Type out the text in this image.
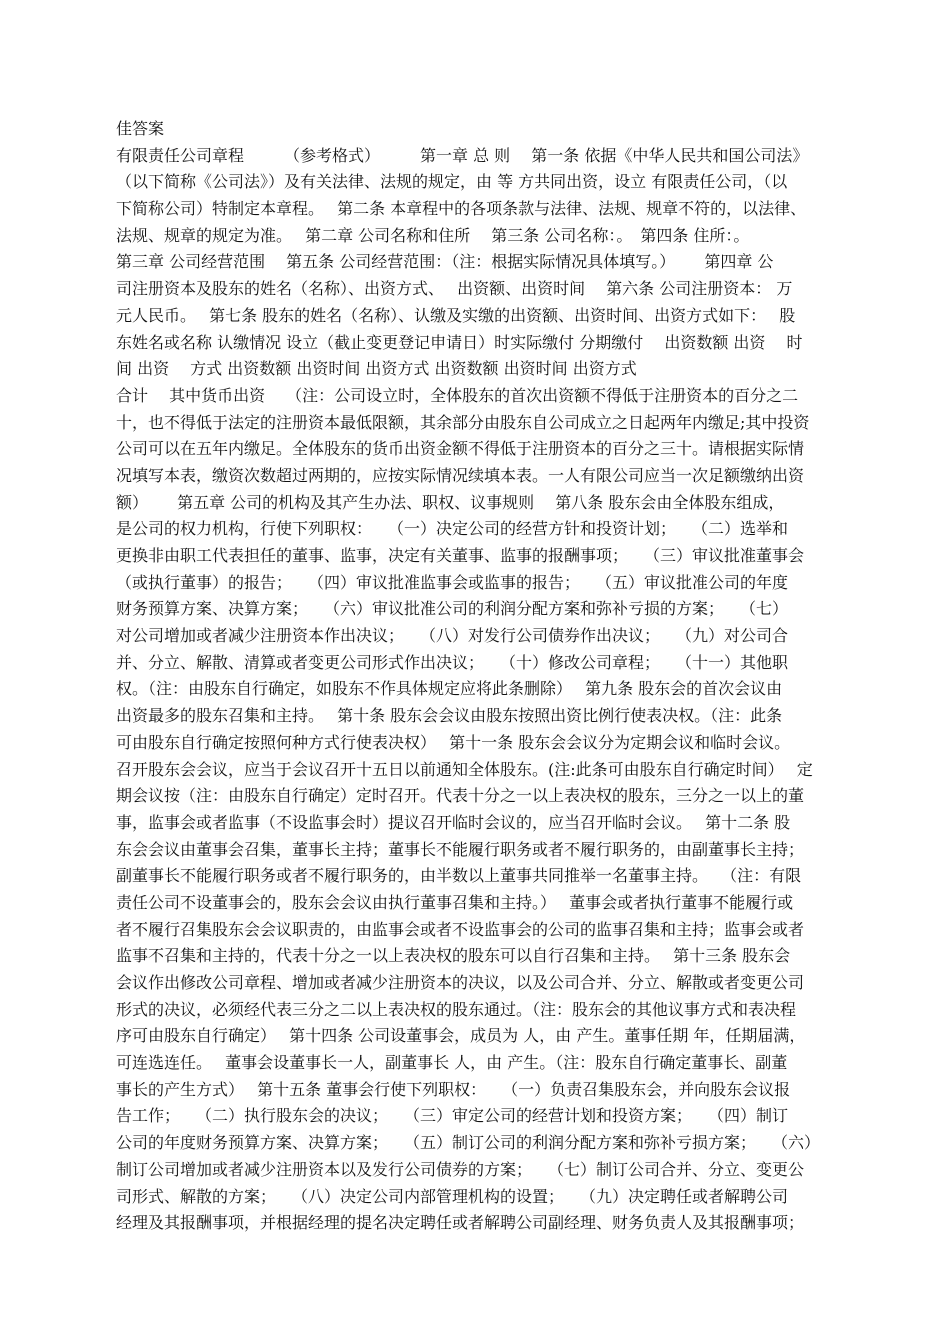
佳答案
有限责任公司章程　　　（参考格式）　　　第一章 总 则　 第一条 依据《中华人民共和国公司法》
（以下简称《公司法》）及有关法律、法规的规定，由 等 方共同出资，设立 有限责任公司，（以
下简称公司）特制定本章程。　 第二条 本章程中的各项条款与法律、法规、规章不符的，以法律、
法规、规章的规定为准。　 第二章 公司名称和住所　 第三条 公司名称：。　第四条 住所：。
第三章 公司经营范围　 第五条 公司经营范围：（注：根据实际情况具体填写。）　　 第四章 公
司注册资本及股东的姓名（名称）、出资方式、　 出资额、出资时间　 第六条 公司注册资本： 万
元人民币。　 第七条 股东的姓名（名称）、认缴及实缴的出资额、出资时间、出资方式如下：　 股
东姓名或名称 认缴情况 设立（截止变更登记申请日）时实际缴付 分期缴付　 出资数额 出资　 时
间 出资　 方式 出资数额 出资时间 出资方式 出资数额 出资时间 出资方式
合计　 其中货币出资　 （注：公司设立时，全体股东的首次出资额不得低于注册资本的百分之二
十，也不得低于法定的注册资本最低限额，其余部分由股东自公司成立之日起两年内缴足;其中投资
公司可以在五年内缴足。全体股东的货币出资金额不得低于注册资本的百分之三十。请根据实际情
况填写本表，缴资次数超过两期的，应按实际情况续填本表。一人有限公司应当一次足额缴纳出资
额）　　 第五章 公司的机构及其产生办法、职权、议事规则　 第八条 股东会由全体股东组成，
是公司的权力机构，行使下列职权：　　（一）决定公司的经营方针和投资计划；　　（二）选举和
更换非由职工代表担任的董事、监事，决定有关董事、监事的报酬事项；　　（三）审议批准董事会
（或执行董事）的报告；　　（四）审议批准监事会或监事的报告；　　（五）审议批准公司的年度
财务预算方案、决算方案；　　（六）审议批准公司的利润分配方案和弥补亏损的方案；　　（七）
对公司增加或者减少注册资本作出决议；　　（八）对发行公司债券作出决议；　　（九）对公司合
并、分立、解散、清算或者变更公司形式作出决议；　　（十）修改公司章程；　　（十一）其他职
权。（注：由股东自行确定，如股东不作具体规定应将此条删除）　 第九条 股东会的首次会议由
出资最多的股东召集和主持。　 第十条 股东会会议由股东按照出资比例行使表决权。（注：此条
可由股东自行确定按照何种方式行使表决权）　 第十一条 股东会会议分为定期会议和临时会议。
召开股东会会议，应当于会议召开十五日以前通知全体股东。(注:此条可由股东自行确定时间）　 定
期会议按（注：由股东自行确定）定时召开。代表十分之一以上表决权的股东，三分之一以上的董
事，监事会或者监事（不设监事会时）提议召开临时会议的，应当召开临时会议。　 第十二条 股
东会会议由董事会召集，董事长主持；董事长不能履行职务或者不履行职务的，由副董事长主持；
副董事长不能履行职务或者不履行职务的，由半数以上董事共同推举一名董事主持。　 （注：有限
责任公司不设董事会的，股东会会议由执行董事召集和主持。）　 董事会或者执行董事不能履行或
者不履行召集股东会会议职责的，由监事会或者不设监事会的公司的监事召集和主持；监事会或者
监事不召集和主持的，代表十分之一以上表决权的股东可以自行召集和主持。　 第十三条 股东会
会议作出修改公司章程、增加或者减少注册资本的决议，以及公司合并、分立、解散或者变更公司
形式的决议，必须经代表三分之二以上表决权的股东通过。（注：股东会的其他议事方式和表决程
序可由股东自行确定）　 第十四条 公司设董事会，成员为 人，由 产生。董事任期 年，任期届满，
可连选连任。　 董事会设董事长一人，副董事长 人，由 产生。（注：股东自行确定董事长、副董
事长的产生方式）　 第十五条 董事会行使下列职权：　　（一）负责召集股东会，并向股东会议报
告工作；　　（二）执行股东会的决议；　　（三）审定公司的经营计划和投资方案；　　（四）制订
公司的年度财务预算方案、决算方案；　　（五）制订公司的利润分配方案和弥补亏损方案；　　（六）
制订公司增加或者减少注册资本以及发行公司债券的方案；　　（七）制订公司合并、分立、变更公
司形式、解散的方案；　　（八）决定公司内部管理机构的设置；　　（九）决定聘任或者解聘公司
经理及其报酬事项，并根据经理的提名决定聘任或者解聘公司副经理、财务负责人及其报酬事项；
